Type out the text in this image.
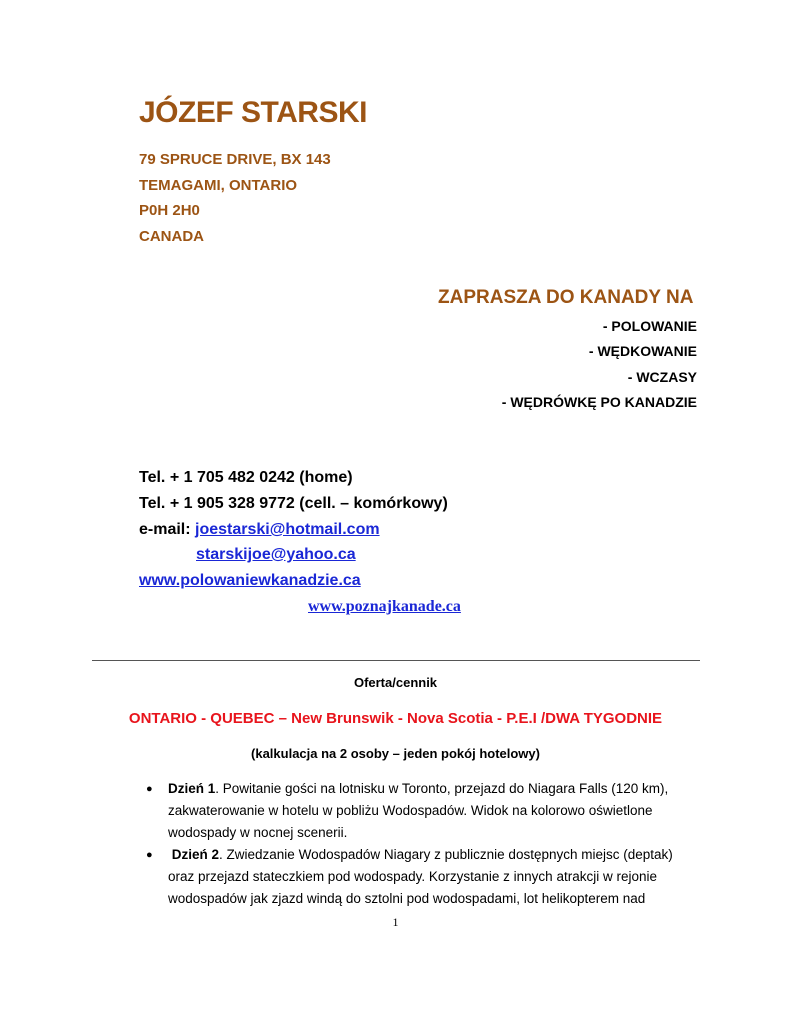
JÓZEF STARSKI
79 SPRUCE DRIVE, BX 143
TEMAGAMI, ONTARIO
P0H 2H0
CANADA
ZAPRASZA DO KANADY NA
- POLOWANIE
- WĘDKOWANIE
- WCZASY
- WĘDRÓWKĘ PO KANADZIE
Tel. + 1 705 482 0242 (home)
Tel. + 1 905 328 9772 (cell. – komórkowy)
e-mail: joestarski@hotmail.com
starskijoe@yahoo.ca
www.polowaniewkanadzie.ca
www.poznajkanade.ca
Oferta/cennik
ONTARIO - QUEBEC – New Brunswik - Nova Scotia - P.E.I /DWA TYGODNIE
(kalkulacja na 2 osoby – jeden pokój hotelowy)
● Dzień 1. Powitanie gości na lotnisku w Toronto, przejazd do Niagara Falls (120 km),
zakwaterowanie w hotelu w pobliżu Wodospadów. Widok na kolorowo oświetlone
wodospady w nocnej scenerii.
● Dzień 2. Zwiedzanie Wodospadów Niagary z publicznie dostępnych miejsc (deptak)
oraz przejazd stateczkiem pod wodospady. Korzystanie z innych atrakcji w rejonie
wodospadów jak zjazd windą do sztolni pod wodospadami, lot helikopterem nad
1
